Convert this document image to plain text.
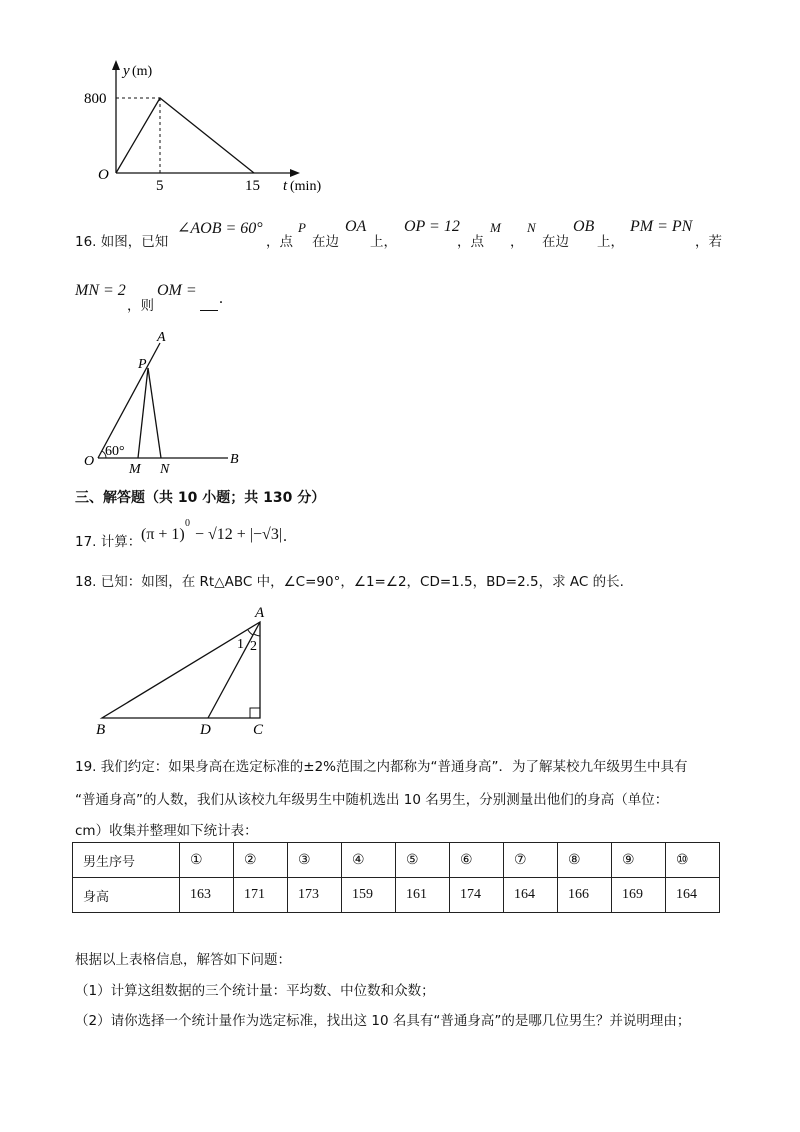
y (m)
O
800
5	15 t (min)
16. 如图，已知
∠AOB = 60°
，点
P
在边
OA
上，
OP = 12
，点
M
，
N
在边
OB
上，
PM = PN
，若
MN = 2
，则
OM = .
A
P
O
60°
M N
B
三、解答题（共 10 小题；共 130 分）
17. 计算： (π + 1)
0
− √12 + |−√3| .
18. 已知：如图，在 Rt△ABC 中，∠C=90°，∠1=∠2，CD=1.5，BD=2.5，求 AC 的长.
A
1 2
B	D	C
19. 我们约定：如果身高在选定标准的±2%范围之内都称为“普通身高”．为了解某校九年级男生中具有
“普通身高”的人数，我们从该校九年级男生中随机选出 10 名男生，分别测量出他们的身高（单位：
cm）收集并整理如下统计表：
男生序号	①	②	③	④	⑤	⑥	⑦	⑧	⑨	⑩
身高	163	171	173	159	161	174	164	166	169	164
根据以上表格信息，解答如下问题：
（1）计算这组数据的三个统计量：平均数、中位数和众数；
（2）请你选择一个统计量作为选定标准，找出这 10 名具有“普通身高”的是哪几位男生？并说明理由；
